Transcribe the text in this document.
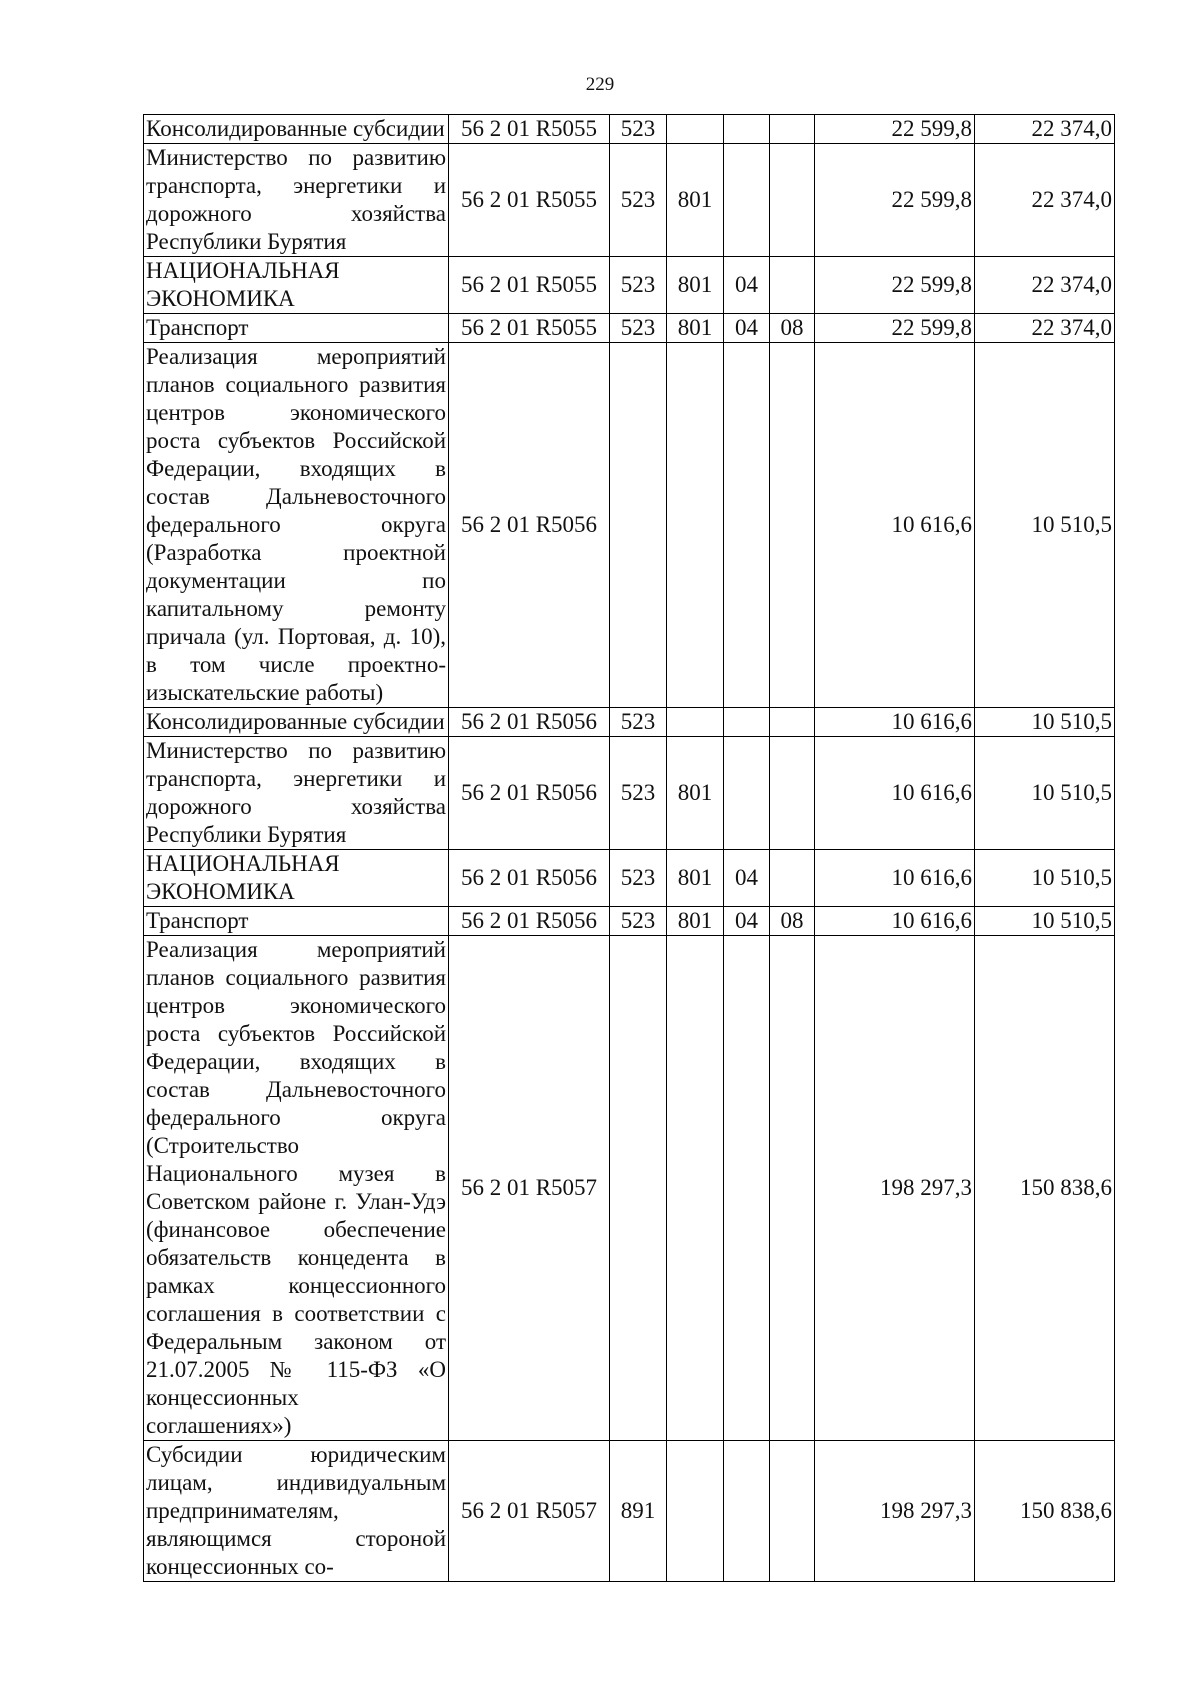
229
Консолидированные субсидии	56 2 01 R5055	523				22 599,8	22 374,0
Министерство по развитию транспорта, энергетики и дорожного хозяйства Республики Бурятия	56 2 01 R5055	523	801			22 599,8	22 374,0
НАЦИОНАЛЬНАЯ ЭКОНОМИКА	56 2 01 R5055	523	801	04		22 599,8	22 374,0
Транспорт	56 2 01 R5055	523	801	04	08	22 599,8	22 374,0
Реализация мероприятий планов социального развития центров экономического роста субъектов Российской Федерации, входящих в состав Дальневосточного федерального округа (Разработка проектной документации по капитальному ремонту причала (ул. Портовая, д. 10), в том числе проектно-изыскательские работы)	56 2 01 R5056					10 616,6	10 510,5
Консолидированные субсидии	56 2 01 R5056	523				10 616,6	10 510,5
Министерство по развитию транспорта, энергетики и дорожного хозяйства Республики Бурятия	56 2 01 R5056	523	801			10 616,6	10 510,5
НАЦИОНАЛЬНАЯ ЭКОНОМИКА	56 2 01 R5056	523	801	04		10 616,6	10 510,5
Транспорт	56 2 01 R5056	523	801	04	08	10 616,6	10 510,5
Реализация мероприятий планов социального развития центров экономического роста субъектов Российской Федерации, входящих в состав Дальневосточного федерального округа (Строительство Национального музея в Советском районе г. Улан-Удэ (финансовое обеспечение обязательств концедента в рамках концессионного соглашения в соответствии с Федеральным законом от 21.07.2005 № 115-ФЗ «О концессионных соглашениях»)	56 2 01 R5057					198 297,3	150 838,6
Субсидии юридическим лицам, индивидуальным предпринимателям, являющимся стороной концессионных со-	56 2 01 R5057	891				198 297,3	150 838,6
